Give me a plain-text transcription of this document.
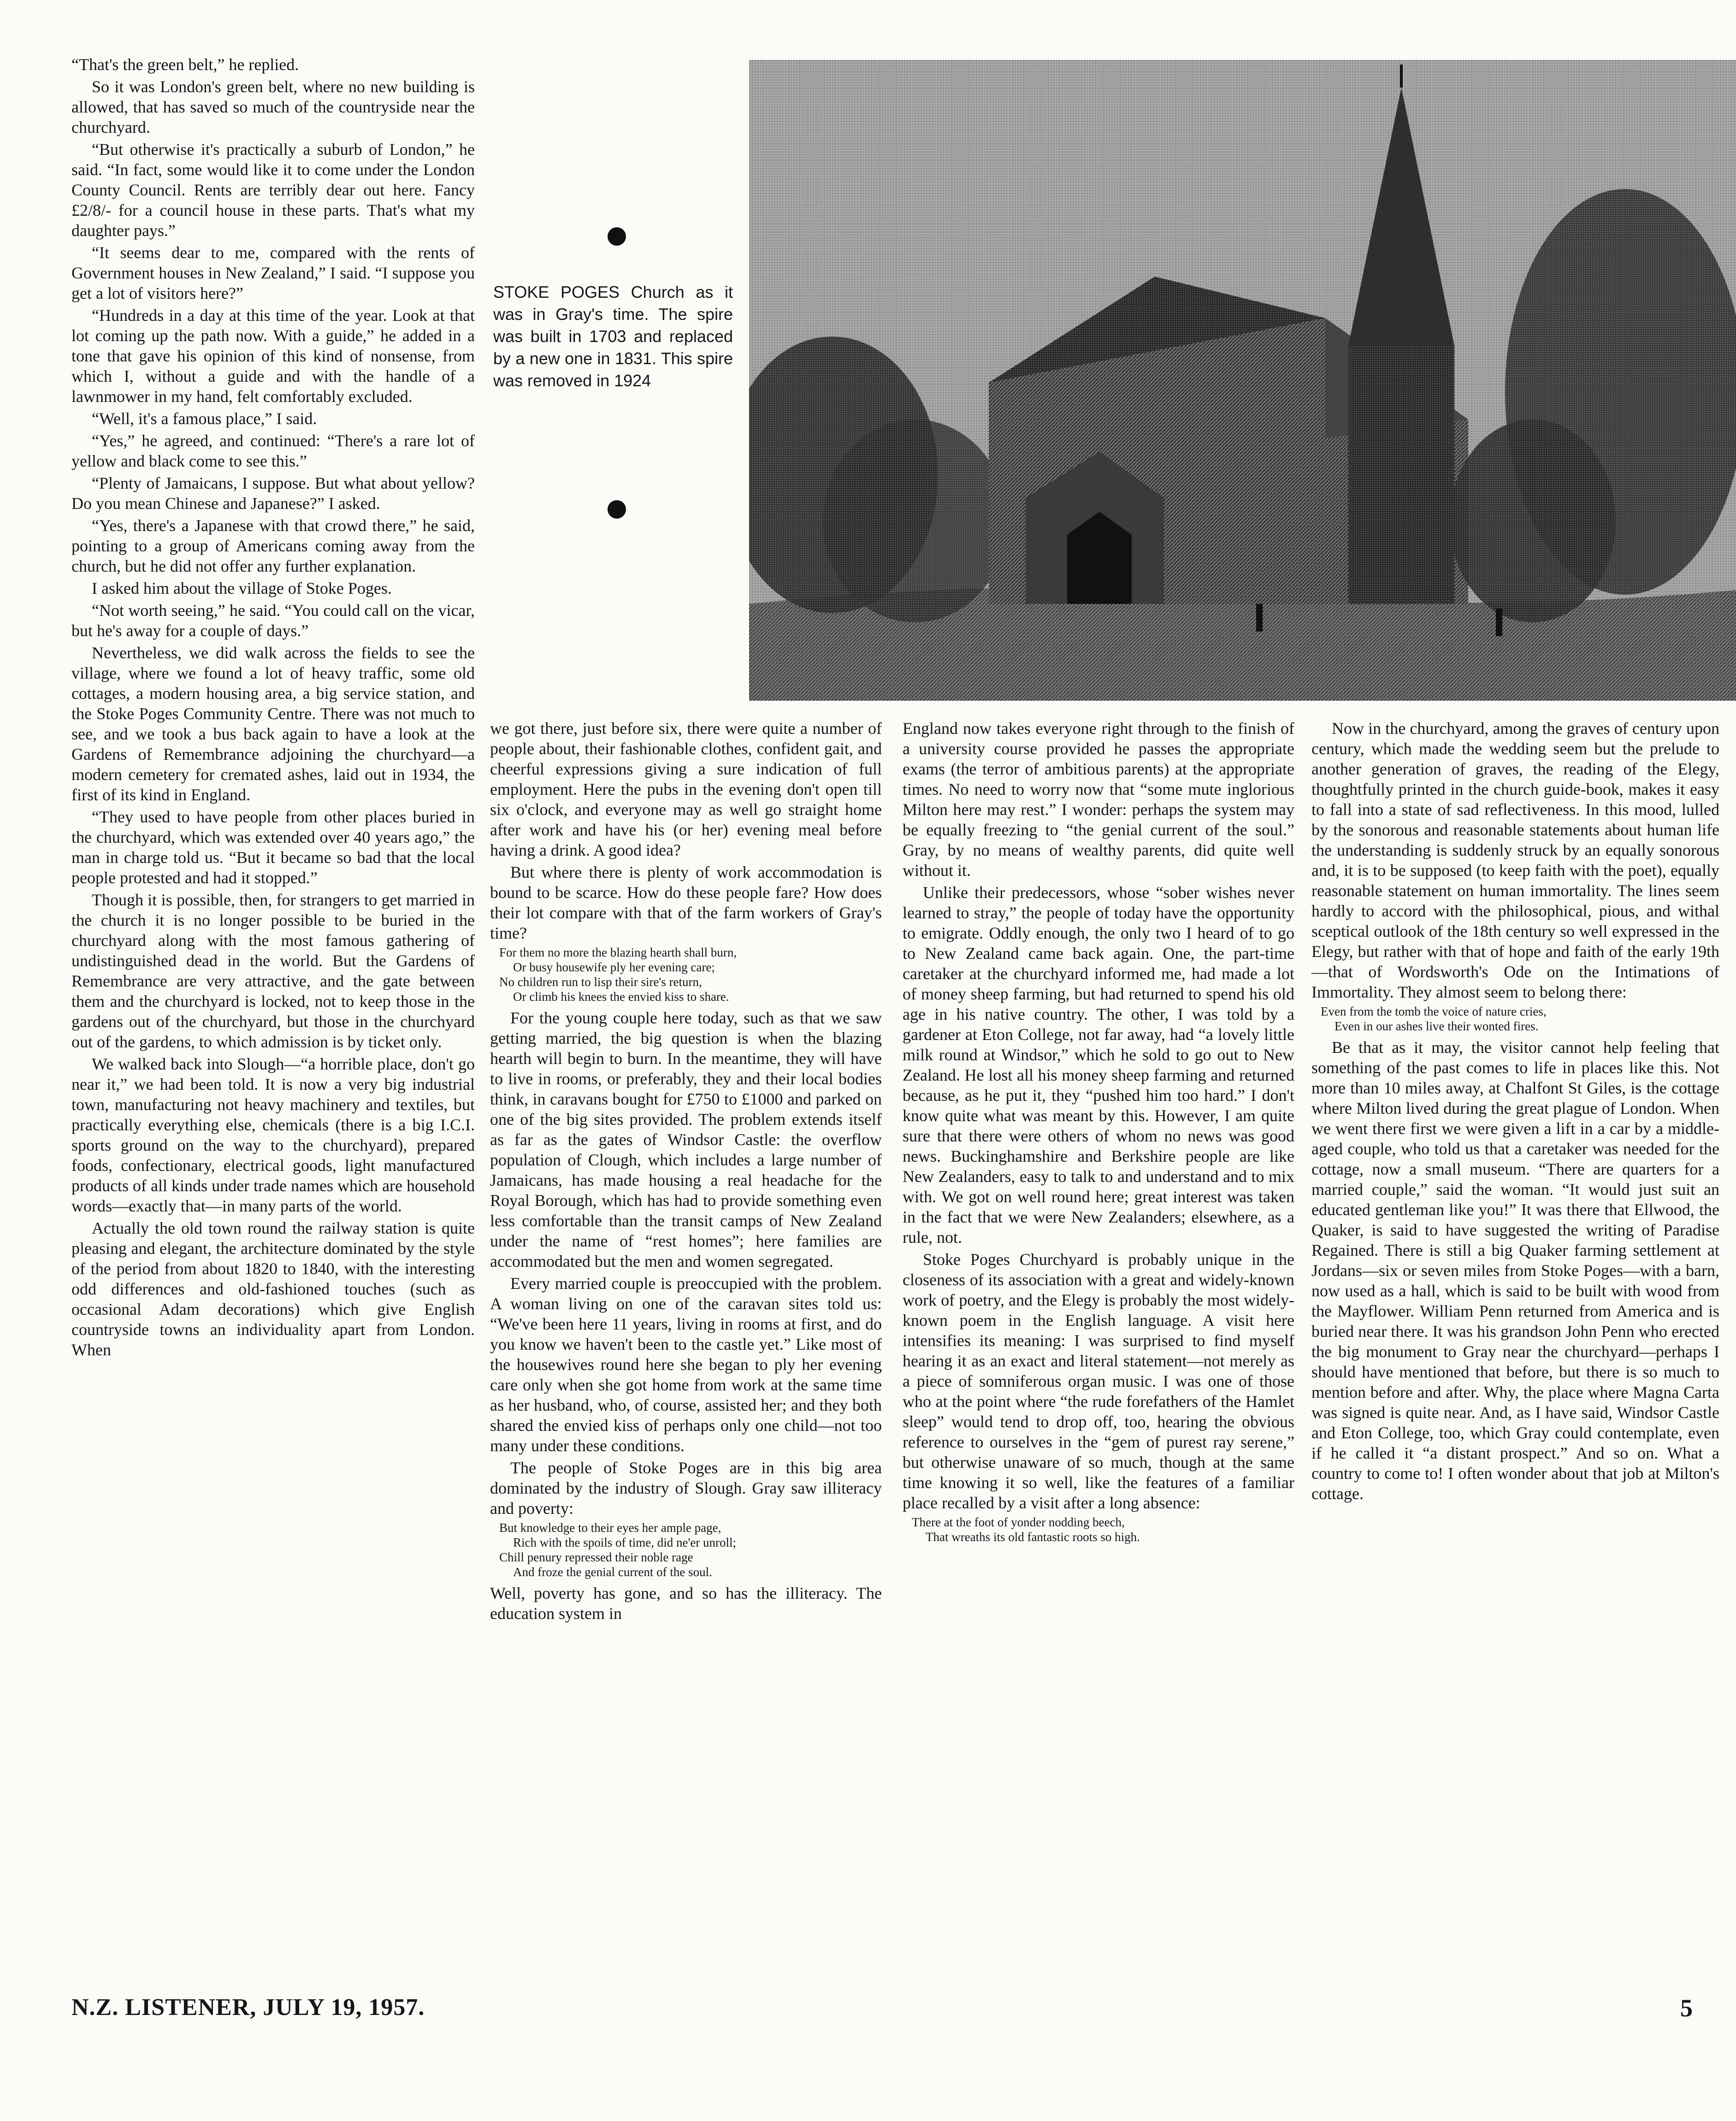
STOKE POGES Church as it was in Gray's time. The spire was built in 1703 and replaced by a new one in 1831. This spire was removed in 1924

“That's the green belt,” he replied.

So it was London's green belt, where no new building is allowed, that has saved so much of the countryside near the churchyard.

“But otherwise it's practically a suburb of London,” he said. “In fact, some would like it to come under the London County Council. Rents are terribly dear out here. Fancy £2/8/- for a council house in these parts. That's what my daughter pays.”

“It seems dear to me, compared with the rents of Government houses in New Zealand,” I said. “I suppose you get a lot of visitors here?”

“Hundreds in a day at this time of the year. Look at that lot coming up the path now. With a guide,” he added in a tone that gave his opinion of this kind of nonsense, from which I, without a guide and with the handle of a lawnmower in my hand, felt comfortably excluded.

“Well, it's a famous place,” I said.

“Yes,” he agreed, and continued: “There's a rare lot of yellow and black come to see this.”

“Plenty of Jamaicans, I suppose. But what about yellow? Do you mean Chinese and Japanese?” I asked.

“Yes, there's a Japanese with that crowd there,” he said, pointing to a group of Americans coming away from the church, but he did not offer any further explanation.

I asked him about the village of Stoke Poges.

“Not worth seeing,” he said. “You could call on the vicar, but he's away for a couple of days.”

Nevertheless, we did walk across the fields to see the village, where we found a lot of heavy traffic, some old cottages, a modern housing area, a big service station, and the Stoke Poges Community Centre. There was not much to see, and we took a bus back again to have a look at the Gardens of Remembrance adjoining the churchyard—a modern cemetery for cremated ashes, laid out in 1934, the first of its kind in England.

“They used to have people from other places buried in the churchyard, which was extended over 40 years ago,” the man in charge told us. “But it became so bad that the local people protested and had it stopped.”

Though it is possible, then, for strangers to get married in the church it is no longer possible to be buried in the churchyard along with the most famous gathering of undistinguished dead in the world. But the Gardens of Remembrance are very attractive, and the gate between them and the churchyard is locked, not to keep those in the gardens out of the churchyard, but those in the churchyard out of the gardens, to which admission is by ticket only.

We walked back into Slough—“a horrible place, don't go near it,” we had been told. It is now a very big industrial town, manufacturing not heavy machinery and textiles, but practically everything else, chemicals (there is a big I.C.I. sports ground on the way to the churchyard), prepared foods, confectionary, electrical goods, light manufactured products of all kinds under trade names which are household words—exactly that—in many parts of the world.

Actually the old town round the railway station is quite pleasing and elegant, the architecture dominated by the style of the period from about 1820 to 1840, with the interesting odd differences and old-fashioned touches (such as occasional Adam decorations) which give English countryside towns an individuality apart from London. When

we got there, just before six, there were quite a number of people about, their fashionable clothes, confident gait, and cheerful expressions giving a sure indication of full employment. Here the pubs in the evening don't open till six o'clock, and everyone may as well go straight home after work and have his (or her) evening meal before having a drink. A good idea?

But where there is plenty of work accommodation is bound to be scarce. How do these people fare? How does their lot compare with that of the farm workers of Gray's time?

For them no more the blazing hearth shall burn,
Or busy housewife ply her evening care;
No children run to lisp their sire's return,
Or climb his knees the envied kiss to share.

For the young couple here today, such as that we saw getting married, the big question is when the blazing hearth will begin to burn. In the meantime, they will have to live in rooms, or preferably, they and their local bodies think, in caravans bought for £750 to £1000 and parked on one of the big sites provided. The problem extends itself as far as the gates of Windsor Castle: the overflow population of Clough, which includes a large number of Jamaicans, has made housing a real headache for the Royal Borough, which has had to provide something even less comfortable than the transit camps of New Zealand under the name of “rest homes”; here families are accommodated but the men and women segregated.

Every married couple is preoccupied with the problem. A woman living on one of the caravan sites told us: “We've been here 11 years, living in rooms at first, and do you know we haven't been to the castle yet.” Like most of the housewives round here she began to ply her evening care only when she got home from work at the same time as her husband, who, of course, assisted her; and they both shared the envied kiss of perhaps only one child—not too many under these conditions.

The people of Stoke Poges are in this big area dominated by the industry of Slough. Gray saw illiteracy and poverty:

But knowledge to their eyes her ample page,
Rich with the spoils of time, did ne'er unroll;
Chill penury repressed their noble rage
And froze the genial current of the soul.

Well, poverty has gone, and so has the illiteracy. The education system in

England now takes everyone right through to the finish of a university course provided he passes the appropriate exams (the terror of ambitious parents) at the appropriate times. No need to worry now that “some mute inglorious Milton here may rest.” I wonder: perhaps the system may be equally freezing to “the genial current of the soul.” Gray, by no means of wealthy parents, did quite well without it.

Unlike their predecessors, whose “sober wishes never learned to stray,” the people of today have the opportunity to emigrate. Oddly enough, the only two I heard of to go to New Zealand came back again. One, the part-time caretaker at the churchyard informed me, had made a lot of money sheep farming, but had returned to spend his old age in his native country. The other, I was told by a gardener at Eton College, not far away, had “a lovely little milk round at Windsor,” which he sold to go out to New Zealand. He lost all his money sheep farming and returned because, as he put it, they “pushed him too hard.” I don't know quite what was meant by this. However, I am quite sure that there were others of whom no news was good news. Buckinghamshire and Berkshire people are like New Zealanders, easy to talk to and understand and to mix with. We got on well round here; great interest was taken in the fact that we were New Zealanders; elsewhere, as a rule, not.

Stoke Poges Churchyard is probably unique in the closeness of its association with a great and widely-known work of poetry, and the Elegy is probably the most widely-known poem in the English language. A visit here intensifies its meaning: I was surprised to find myself hearing it as an exact and literal statement—not merely as a piece of somniferous organ music. I was one of those who at the point where “the rude forefathers of the Hamlet sleep” would tend to drop off, too, hearing the obvious reference to ourselves in the “gem of purest ray serene,” but otherwise unaware of so much, though at the same time knowing it so well, like the features of a familiar place recalled by a visit after a long absence:

There at the foot of yonder nodding beech,
That wreaths its old fantastic roots so high.

Now in the churchyard, among the graves of century upon century, which made the wedding seem but the prelude to another generation of graves, the reading of the Elegy, thoughtfully printed in the church guide-book, makes it easy to fall into a state of sad reflectiveness. In this mood, lulled by the sonorous and reasonable statements about human life the understanding is suddenly struck by an equally sonorous and, it is to be supposed (to keep faith with the poet), equally reasonable statement on human immortality. The lines seem hardly to accord with the philosophical, pious, and withal sceptical outlook of the 18th century so well expressed in the Elegy, but rather with that of hope and faith of the early 19th—that of Wordsworth's Ode on the Intimations of Immortality. They almost seem to belong there:

Even from the tomb the voice of nature cries,
Even in our ashes live their wonted fires.

Be that as it may, the visitor cannot help feeling that something of the past comes to life in places like this. Not more than 10 miles away, at Chalfont St Giles, is the cottage where Milton lived during the great plague of London. When we went there first we were given a lift in a car by a middle-aged couple, who told us that a caretaker was needed for the cottage, now a small museum. “There are quarters for a married couple,” said the woman. “It would just suit an educated gentleman like you!” It was there that Ellwood, the Quaker, is said to have suggested the writing of Paradise Regained. There is still a big Quaker farming settlement at Jordans—six or seven miles from Stoke Poges—with a barn, now used as a hall, which is said to be built with wood from the Mayflower. William Penn returned from America and is buried near there. It was his grandson John Penn who erected the big monument to Gray near the churchyard—perhaps I should have mentioned that before, but there is so much to mention before and after. Why, the place where Magna Carta was signed is quite near. And, as I have said, Windsor Castle and Eton College, too, which Gray could contemplate, even if he called it “a distant prospect.” And so on. What a country to come to! I often wonder about that job at Milton's cottage.

N.Z. LISTENER, JULY 19, 1957.	5
